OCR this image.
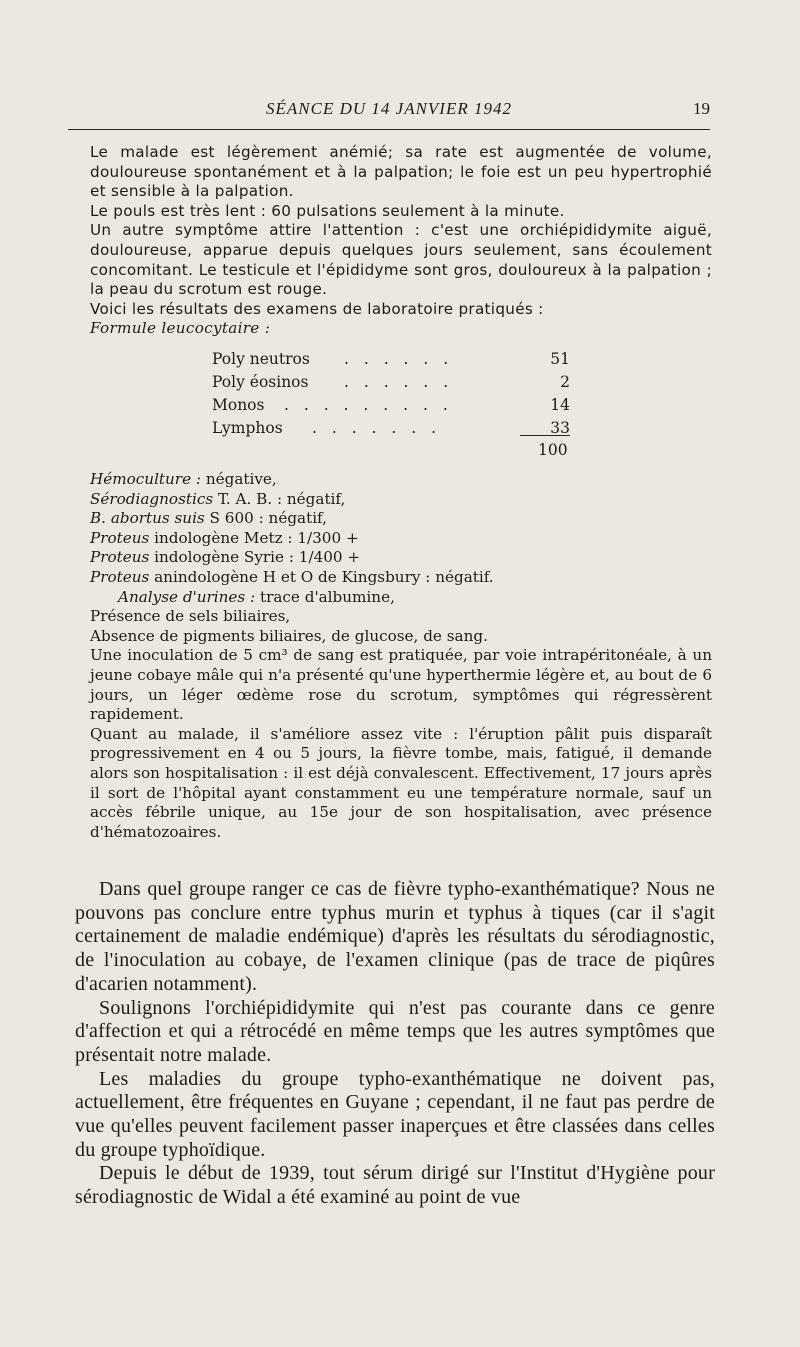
SÉANCE DU 14 JANVIER 1942	19

Le malade est légèrement anémié; sa rate est augmentée de volume, douloureuse spontanément et à la palpation; le foie est un peu hypertrophié et sensible à la palpation.

Le pouls est très lent : 60 pulsations seulement à la minute.

Un autre symptôme attire l'attention : c'est une orchiépididymite aiguë, douloureuse, apparue depuis quelques jours seulement, sans écoulement concomitant. Le testicule et l'épididyme sont gros, douloureux à la palpation ; la peau du scrotum est rouge.

Voici les résultats des examens de laboratoire pratiqués :

Formule leucocytaire :

Poly neutros . . . . . .	51
Poly éosinos . . . . . .	2
Monos . . . . . . . . .	14
Lymphos . . . . . . .	33
100

Hémoculture : négative,

Sérodiagnostics T. A. B. : négatif,

B. abortus suis S 600 : négatif,

Proteus indologène Metz : 1/300 +

Proteus indologène Syrie : 1/400 +

Proteus anindologène H et O de Kingsbury : négatif.

Analyse d'urines : trace d'albumine,

Présence de sels biliaires,

Absence de pigments biliaires, de glucose, de sang.

Une inoculation de 5 cm³ de sang est pratiquée, par voie intrapéritonéale, à un jeune cobaye mâle qui n'a présenté qu'une hyperthermie légère et, au bout de 6 jours, un léger œdème rose du scrotum, symptômes qui régressèrent rapidement.

Quant au malade, il s'améliore assez vite : l'éruption pâlit puis disparaît progressivement en 4 ou 5 jours, la fièvre tombe, mais, fatigué, il demande alors son hospitalisation : il est déjà convalescent. Effectivement, 17 jours après il sort de l'hôpital ayant constamment eu une température normale, sauf un accès fébrile unique, au 15e jour de son hospitalisation, avec présence d'hématozoaires.

Dans quel groupe ranger ce cas de fièvre typho-exanthématique? Nous ne pouvons pas conclure entre typhus murin et typhus à tiques (car il s'agit certainement de maladie endémique) d'après les résultats du sérodiagnostic, de l'inoculation au cobaye, de l'examen clinique (pas de trace de piqûres d'acarien notamment).

Soulignons l'orchiépididymite qui n'est pas courante dans ce genre d'affection et qui a rétrocédé en même temps que les autres symptômes que présentait notre malade.

Les maladies du groupe typho-exanthématique ne doivent pas, actuellement, être fréquentes en Guyane ; cependant, il ne faut pas perdre de vue qu'elles peuvent facilement passer inaperçues et être classées dans celles du groupe typhoïdique.

Depuis le début de 1939, tout sérum dirigé sur l'Institut d'Hygiène pour sérodiagnostic de Widal a été examiné au point de vue
